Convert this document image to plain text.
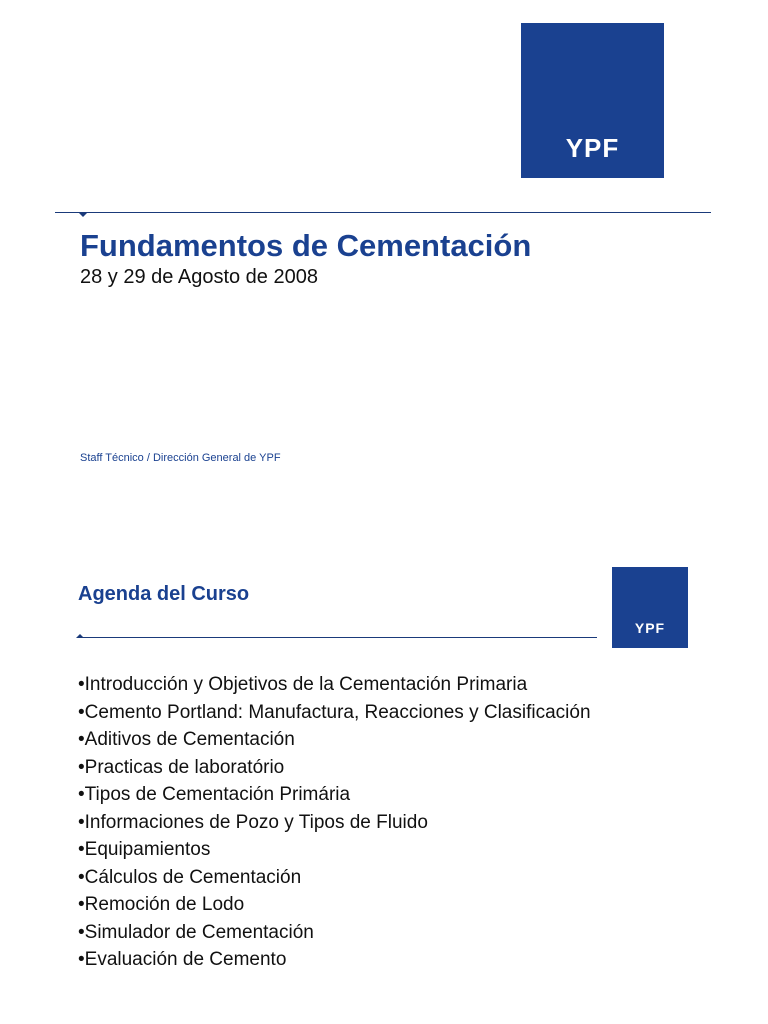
YPF
Fundamentos de Cementación
28 y 29 de Agosto de 2008
Staff Técnico / Dirección General de YPF
Agenda del Curso
YPF
•Introducción y Objetivos de la Cementación Primaria
•Cemento Portland: Manufactura, Reacciones y Clasificación
•Aditivos de Cementación
•Practicas de laboratório
•Tipos de Cementación Primária
•Informaciones de Pozo y Tipos de Fluido
•Equipamientos
•Cálculos de Cementación
•Remoción de Lodo
•Simulador de Cementación
•Evaluación de Cemento
